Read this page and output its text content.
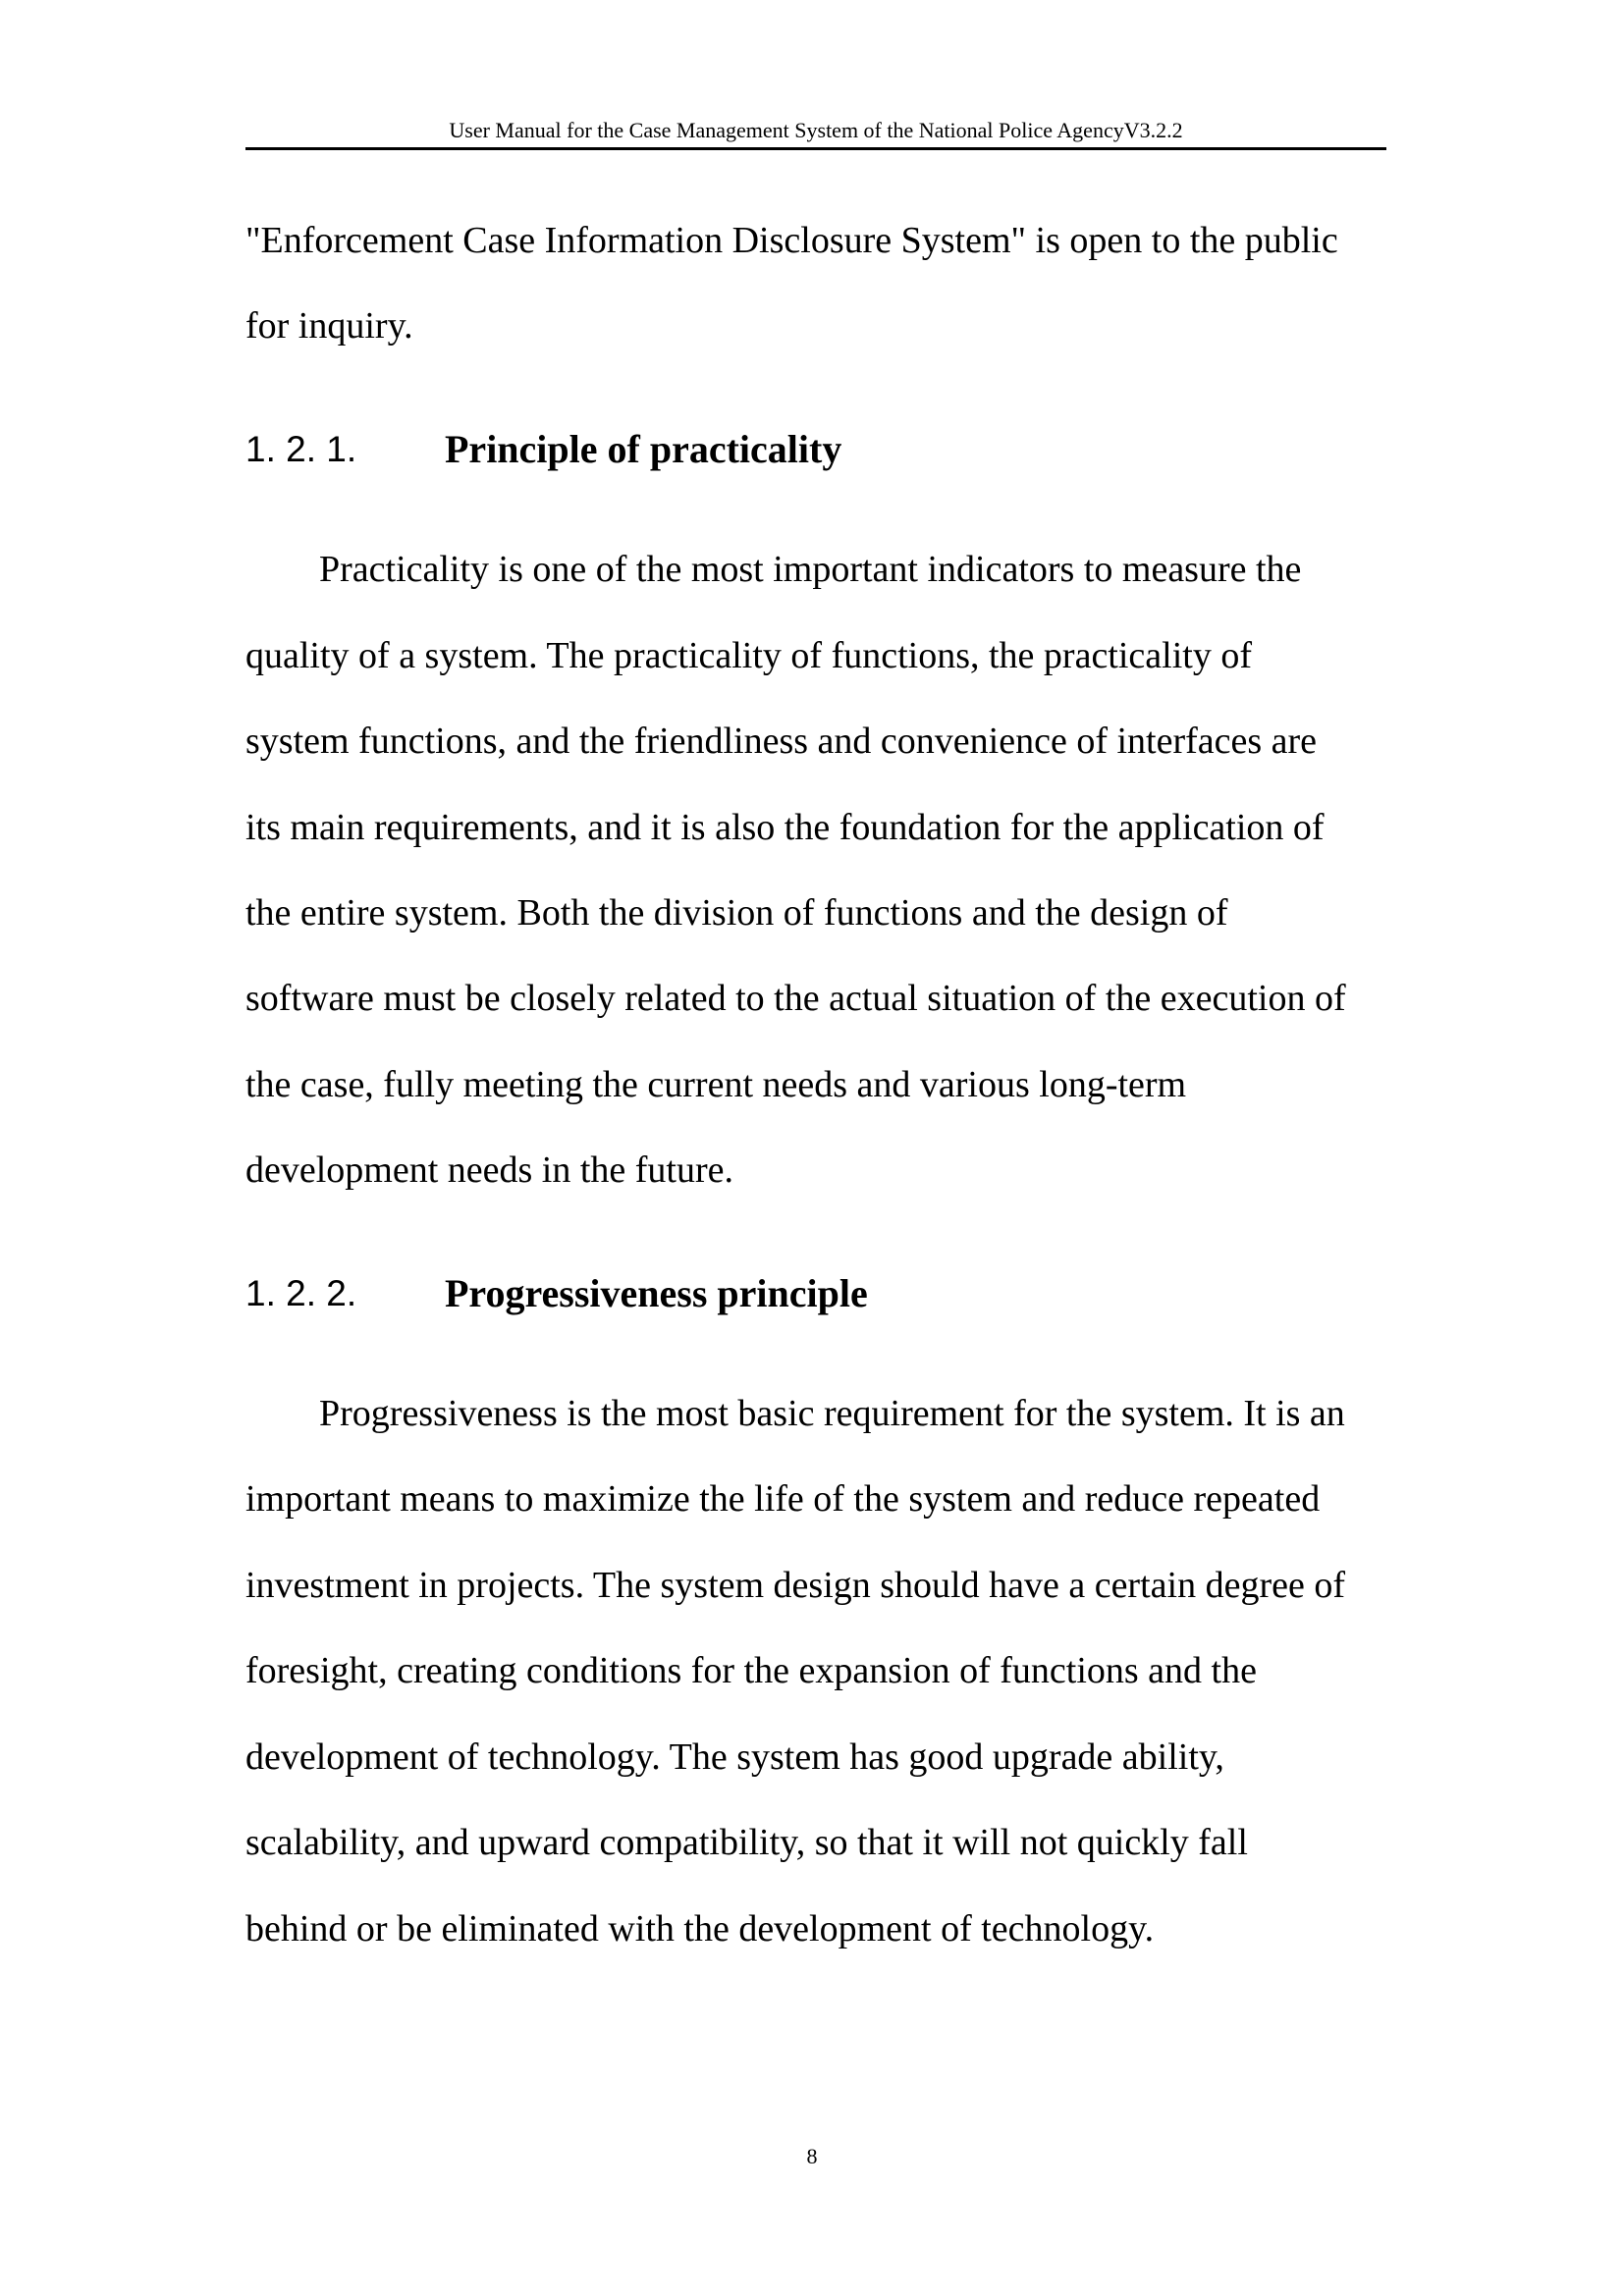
User Manual for the Case Management System of the National Police AgencyV3.2.2
"Enforcement Case Information Disclosure System" is open to the public
for inquiry.
1. 2. 1. Principle of practicality
Practicality is one of the most important indicators to measure the
quality of a system. The practicality of functions, the practicality of
system functions, and the friendliness and convenience of interfaces are
its main requirements, and it is also the foundation for the application of
the entire system. Both the division of functions and the design of
software must be closely related to the actual situation of the execution of
the case, fully meeting the current needs and various long-term
development needs in the future.
1. 2. 2. Progressiveness principle
Progressiveness is the most basic requirement for the system. It is an
important means to maximize the life of the system and reduce repeated
investment in projects. The system design should have a certain degree of
foresight, creating conditions for the expansion of functions and the
development of technology. The system has good upgrade ability,
scalability, and upward compatibility, so that it will not quickly fall
behind or be eliminated with the development of technology.
8
